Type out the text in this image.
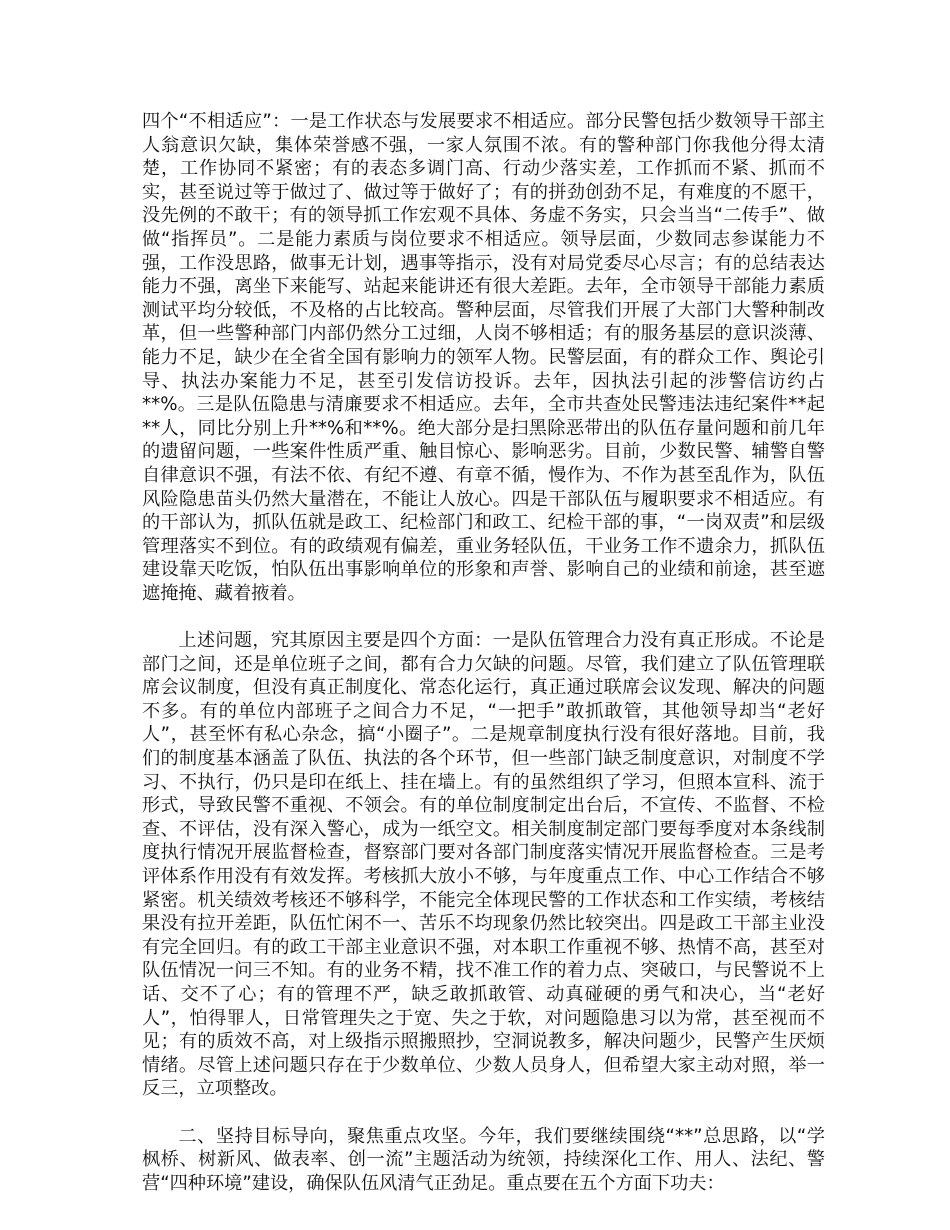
四个“不相适应”：一是工作状态与发展要求不相适应。部分民警包括少数领导干部主人翁意识欠缺，集体荣誉感不强，一家人氛围不浓。有的警种部门你我他分得太清楚，工作协同不紧密；有的表态多调门高、行动少落实差，工作抓而不紧、抓而不实，甚至说过等于做过了、做过等于做好了；有的拼劲创劲不足，有难度的不愿干，没先例的不敢干；有的领导抓工作宏观不具体、务虚不务实，只会当当“二传手”、做做“指挥员”。二是能力素质与岗位要求不相适应。领导层面，少数同志参谋能力不强，工作没思路，做事无计划，遇事等指示，没有对局党委尽心尽言；有的总结表达能力不强，离坐下来能写、站起来能讲还有很大差距。去年，全市领导干部能力素质测试平均分较低，不及格的占比较高。警种层面，尽管我们开展了大部门大警种制改革，但一些警种部门内部仍然分工过细，人岗不够相适；有的服务基层的意识淡薄、能力不足，缺少在全省全国有影响力的领军人物。民警层面，有的群众工作、舆论引导、执法办案能力不足，甚至引发信访投诉。去年，因执法引起的涉警信访约占**%。三是队伍隐患与清廉要求不相适应。去年，全市共查处民警违法违纪案件**起**人，同比分别上升**%和**%。绝大部分是扫黑除恶带出的队伍存量问题和前几年的遗留问题，一些案件性质严重、触目惊心、影响恶劣。目前，少数民警、辅警自警自律意识不强，有法不依、有纪不遵、有章不循，慢作为、不作为甚至乱作为，队伍风险隐患苗头仍然大量潜在，不能让人放心。四是干部队伍与履职要求不相适应。有的干部认为，抓队伍就是政工、纪检部门和政工、纪检干部的事，“一岗双责”和层级管理落实不到位。有的政绩观有偏差，重业务轻队伍，干业务工作不遗余力，抓队伍建设靠天吃饭，怕队伍出事影响单位的形象和声誉、影响自己的业绩和前途，甚至遮遮掩掩、藏着掖着。

上述问题，究其原因主要是四个方面：一是队伍管理合力没有真正形成。不论是部门之间，还是单位班子之间，都有合力欠缺的问题。尽管，我们建立了队伍管理联席会议制度，但没有真正制度化、常态化运行，真正通过联席会议发现、解决的问题不多。有的单位内部班子之间合力不足，“一把手”敢抓敢管，其他领导却当“老好人”，甚至怀有私心杂念，搞“小圈子”。二是规章制度执行没有很好落地。目前，我们的制度基本涵盖了队伍、执法的各个环节，但一些部门缺乏制度意识，对制度不学习、不执行，仍只是印在纸上、挂在墙上。有的虽然组织了学习，但照本宣科、流于形式，导致民警不重视、不领会。有的单位制度制定出台后，不宣传、不监督、不检查、不评估，没有深入警心，成为一纸空文。相关制度制定部门要每季度对本条线制度执行情况开展监督检查，督察部门要对各部门制度落实情况开展监督检查。三是考评体系作用没有有效发挥。考核抓大放小不够，与年度重点工作、中心工作结合不够紧密。机关绩效考核还不够科学，不能完全体现民警的工作状态和工作实绩，考核结果没有拉开差距，队伍忙闲不一、苦乐不均现象仍然比较突出。四是政工干部主业没有完全回归。有的政工干部主业意识不强，对本职工作重视不够、热情不高，甚至对队伍情况一问三不知。有的业务不精，找不准工作的着力点、突破口，与民警说不上话、交不了心；有的管理不严，缺乏敢抓敢管、动真碰硬的勇气和决心，当“老好人”，怕得罪人，日常管理失之于宽、失之于软，对问题隐患习以为常，甚至视而不见；有的质效不高，对上级指示照搬照抄，空洞说教多，解决问题少，民警产生厌烦情绪。尽管上述问题只存在于少数单位、少数人员身人，但希望大家主动对照，举一反三，立项整改。

二、坚持目标导向，聚焦重点攻坚。今年，我们要继续围绕“**”总思路，以“学枫桥、树新风、做表率、创一流”主题活动为统领，持续深化工作、用人、法纪、警营“四种环境”建设，确保队伍风清气正劲足。重点要在五个方面下功夫：
